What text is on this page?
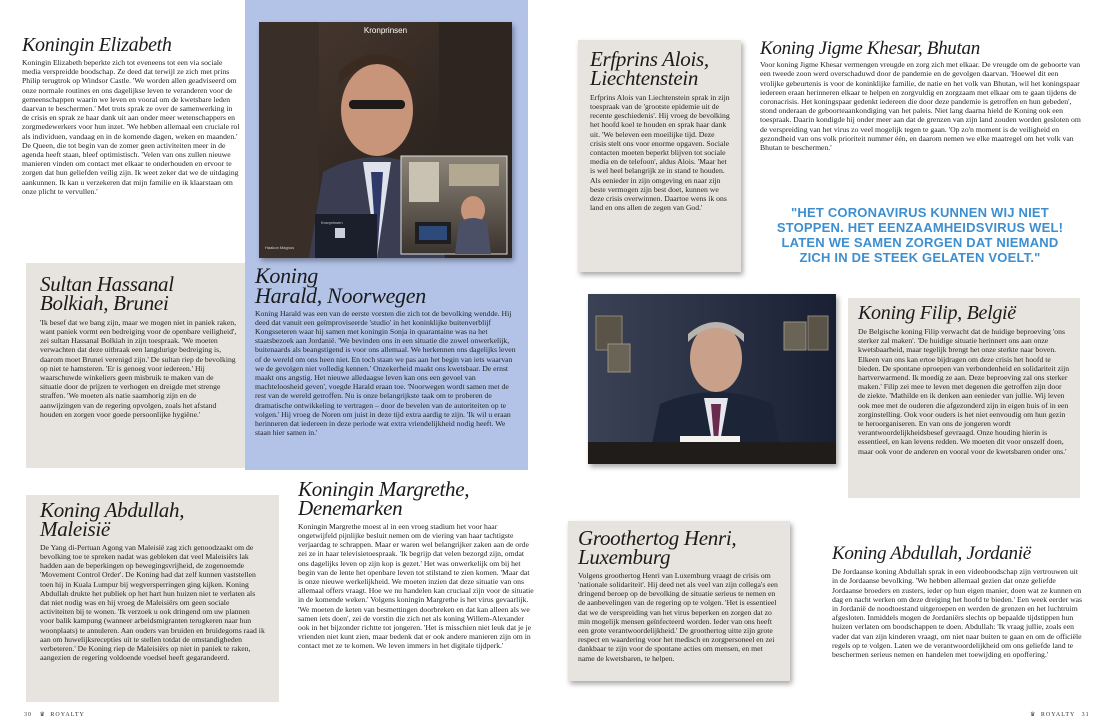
Koningin Elizabeth

Koningin Elizabeth beperkte zich tot eveneens tot een via sociale media verspreidde boodschap. Ze deed dat terwijl ze zich met prins Philip terugtrok op Windsor Castle. 'We worden allen geadviseerd om onze normale routines en ons dagelijkse leven te veranderen voor de gemeenschappen waarin we leven en vooral om de kwetsbare leden daarvan te beschermen.' Met trots sprak ze over de samenwerking in de crisis en sprak ze haar dank uit aan onder meer wetenschappers en zorgmedewerkers voor hun inzet. 'We hebben allemaal een cruciale rol als individuen, vandaag en in de komende dagen, weken en maanden.' De Queen, die tot begin van de zomer geen activiteiten meer in de agenda heeft staan, bleef optimistisch. 'Velen van ons zullen nieuwe manieren vinden om contact met elkaar te onderhouden en ervoor te zorgen dat hun geliefden veilig zijn. Ik weet zeker dat we de uitdaging aankunnen. Ik kan u verzekeren dat mijn familie en ik klaarstaan om onze plicht te vervullen.'

Sultan Hassanal
Bolkiah, Brunei

'Ik besef dat we bang zijn, maar we mogen niet in paniek raken, want paniek vormt een bedreiging voor de openbare veiligheid', zei sultan Hassanal Bolkiah in zijn toespraak. 'We moeten verwachten dat deze uitbraak een langdurige bedreiging is, daarom moet Brunei verenigd zijn.' De sultan riep de bevolking op niet te hamsteren. 'Er is genoeg voor iedereen.' Hij waarschuwde winkeliers geen misbruik te maken van de situatie door de prijzen te verhogen en dreigde met strenge straffen. 'We moeten als natie saamhorig zijn en de aanwijzingen van de regering opvolgen, zoals het afstand houden en zorgen voor goede persoonlijke hygiëne.'

Koning Abdullah,
Maleisië

De Yang di-Pertuan Agong van Maleisië zag zich genoodzaakt om de bevolking toe te spreken nadat was gebleken dat veel Maleisiërs lak hadden aan de beperkingen op bewegingsvrijheid, de zogenoemde 'Movement Control Order'. De Koning had dat zelf kunnen vaststellen toen hij in Kuala Lumpur bij wegversperringen ging kijken. Koning Abdullah drukte het publiek op het hart hun huizen niet te verlaten als dat niet nodig was en hij vroeg de Maleisiërs om geen sociale activiteiten bij te wonen. 'Ik verzoek u ook dringend om uw plannen voor balik kampung (wanneer arbeidsmigranten terugkeren naar hun woonplaats) te annuleren. Aan ouders van bruiden en bruidegoms raad ik aan om huwelijksrecepties uit te stellen totdat de omstandigheden verbeteren.' De Koning riep de Maleisiërs op niet in paniek te raken, aangezien de regering voldoende voedsel heeft gegarandeerd.

Kronprinsen
Kronprinsen
Haakon Magnus
Koning
Harald, Noorwegen

Koning Harald was een van de eerste vorsten die zich tot de bevolking wendde. Hij deed dat vanuit een geïmproviseerde 'studio' in het koninklijke buitenverblijf Kongsseteren waar hij samen met koningin Sonja in quarantaine was na het staatsbezoek aan Jordanië. 'We bevinden ons in een situatie die zowel onwerkelijk, buitenaards als beangstigend is voor ons allemaal. We herkennen ons dagelijks leven of de wereld om ons heen niet. En toch staan we pas aan het begin van iets waarvan we de gevolgen niet volledig kennen.' Onzekerheid maakt ons kwetsbaar. De ernst maakt ons angstig. Het nieuwe alledaagse leven kan ons een gevoel van machteloosheid geven', voegde Harald eraan toe. 'Noorwegen wordt samen met de rest van de wereld getroffen. Nu is onze belangrijkste taak om te proberen de dramatische ontwikkeling te vertragen – door de bevelen van de autoriteiten op te volgen.' Hij vroeg de Noren om juist in deze tijd extra aardig te zijn. 'Ik wil u eraan herinneren dat iedereen in deze periode wat extra vriendelijkheid nodig heeft. We staan hier samen in.'

Koningin Margrethe,
Denemarken

Koningin Margrethe moest al in een vroeg stadium het voor haar ongetwijfeld pijnlijke besluit nemen om de viering van haar tachtigste verjaardag te schrappen. Maar er waren wel belangrijker zaken aan de orde zei ze in haar televisietoespraak. 'Ik begrijp dat velen bezorgd zijn, omdat ons dagelijks leven op zijn kop is gezet.' Het was onwerkelijk om bij het begin van de lente het openbare leven tot stilstand te zien komen. 'Maar dat is onze nieuwe werkelijkheid. We moeten inzien dat deze situatie van ons allemaal offers vraagt. Hoe we nu handelen kan cruciaal zijn voor de situatie in de komende weken.' Volgens koningin Margrethe is het virus gevaarlijk. 'We moeten de keten van besmettingen doorbreken en dat kan alleen als we samen iets doen', zei de vorstin die zich net als koning Willem-Alexander ook in het bijzonder richtte tot jongeren. 'Het is misschien niet leuk dat je je vrienden niet kunt zien, maar bedenk dat er ook andere manieren zijn om in contact met ze te komen. We leven immers in het digitale tijdperk.'

Erfprins Alois,
Liechtenstein

Erfprins Alois van Liechtenstein sprak in zijn toespraak van de 'grootste epidemie uit de recente geschiedenis'. Hij vroeg de bevolking het hoofd koel te houden en sprak haar dank uit. 'We beleven een moeilijke tijd. Deze crisis stelt ons voor enorme opgaven. Sociale contacten moeten beperkt blijven tot sociale media en de telefoon', aldus Alois. 'Maar het is wel heel belangrijk ze in stand te houden. Als eenieder in zijn omgeving en naar zijn beste vermogen zijn best doet, kunnen we deze crisis overwinnen. Daartoe wens ik ons land en ons allen de zegen van God.'

Koning Jigme Khesar, Bhutan

Voor koning Jigme Khesar vermengen vreugde en zorg zich met elkaar. De vreugde om de geboorte van een tweede zoon werd overschaduwd door de pandemie en de gevolgen daarvan. 'Hoewel dit een vrolijke gebeurtenis is voor de koninklijke familie, de natie en het volk van Bhutan, wil het koningspaar iedereen eraan herinneren elkaar te helpen en zorgvuldig en zorgzaam met elkaar om te gaan tijdens de coronacrisis. Het koningspaar gedenkt iedereen die door deze pandemie is getroffen en hun gebeden', stond onderaan de geboorteaankondiging van het paleis. Niet lang daarna hield de Koning ook een toespraak. Daarin kondigde hij onder meer aan dat de grenzen van zijn land zouden worden gesloten om de verspreiding van het virus zo veel mogelijk tegen te gaan. 'Op zo'n moment is de veiligheid en gezondheid van ons volk prioriteit nummer één, en daarom nemen we elke maatregel om het volk van Bhutan te beschermen.'

"HET CORONAVIRUS KUNNEN WIJ NIET
STOPPEN. HET EENZAAMHEIDSVIRUS WEL!
LATEN WE SAMEN ZORGEN DAT NIEMAND
ZICH IN DE STEEK GELATEN VOELT."
Koning Filip, België

De Belgische koning Filip verwacht dat de huidige beproeving 'ons sterker zal maken'. 'De huidige situatie herinnert ons aan onze kwetsbaarheid, maar tegelijk brengt het onze sterkte naar boven. Elkeen van ons kan ertoe bijdragen om deze crisis het hoofd te bieden. De spontane oproepen van verbondenheid en solidariteit zijn hartverwarmend. Ik moedig ze aan. Deze beproeving zal ons sterker maken.' Filip zei mee te leven met degenen die getroffen zijn door de ziekte. 'Mathilde en ik denken aan eenieder van jullie. Wij leven ook mee met de ouderen die afgezonderd zijn in eigen huis of in een zorginstelling. Ook voor ouders is het niet eenvoudig om hun gezin te heroorganiseren. En van ons de jongeren wordt verantwoordelijkheidsbesef gevraagd. Onze houding hierin is essentieel, en kan levens redden. We moeten dit voor onszelf doen, maar ook voor de anderen en vooral voor de kwetsbaren onder ons.'

Groothertog Henri,
Luxemburg

Volgens groothertog Henri van Luxemburg vraagt de crisis om 'nationale solidariteit'. Hij deed net als veel van zijn collega's een dringend beroep op de bevolking de situatie serieus te nemen en de aanbevelingen van de regering op te volgen. 'Het is essentieel dat we de verspreiding van het virus beperken en zorgen dat zo min mogelijk mensen geïnfecteerd worden. Ieder van ons heeft een grote verantwoordelijkheid.' De groothertog uitte zijn grote respect en waardering voor het medisch en zorgpersoneel en zei dankbaar te zijn voor de spontane acties om mensen, en met name de kwetsbaren, te helpen.

Koning Abdullah, Jordanië

De Jordaanse koning Abdullah sprak in een videoboodschap zijn vertrouwen uit in de Jordaanse bevolking. 'We hebben allemaal gezien dat onze geliefde Jordaanse broeders en zusters, ieder op hun eigen manier, doen wat ze kunnen en dag en nacht werken om deze dreiging het hoofd te bieden.' Een week eerder was in Jordanië de noodtoestand uitgeroepen en werden de grenzen en het luchtruim afgesloten. Inmiddels mogen de Jordaniërs slechts op bepaalde tijdstippen hun huizen verlaten om boodschappen te doen. Abdullah: 'Ik vraag jullie, zoals een vader dat van zijn kinderen vraagt, om niet naar buiten te gaan en om de officiële regels op te volgen. Laten we de verantwoordelijkheid om ons geliefde land te beschermen serieus nemen en handelen met toewijding en opoffering.'

30 ♛ ROYALTY	♛ ROYALTY 31
